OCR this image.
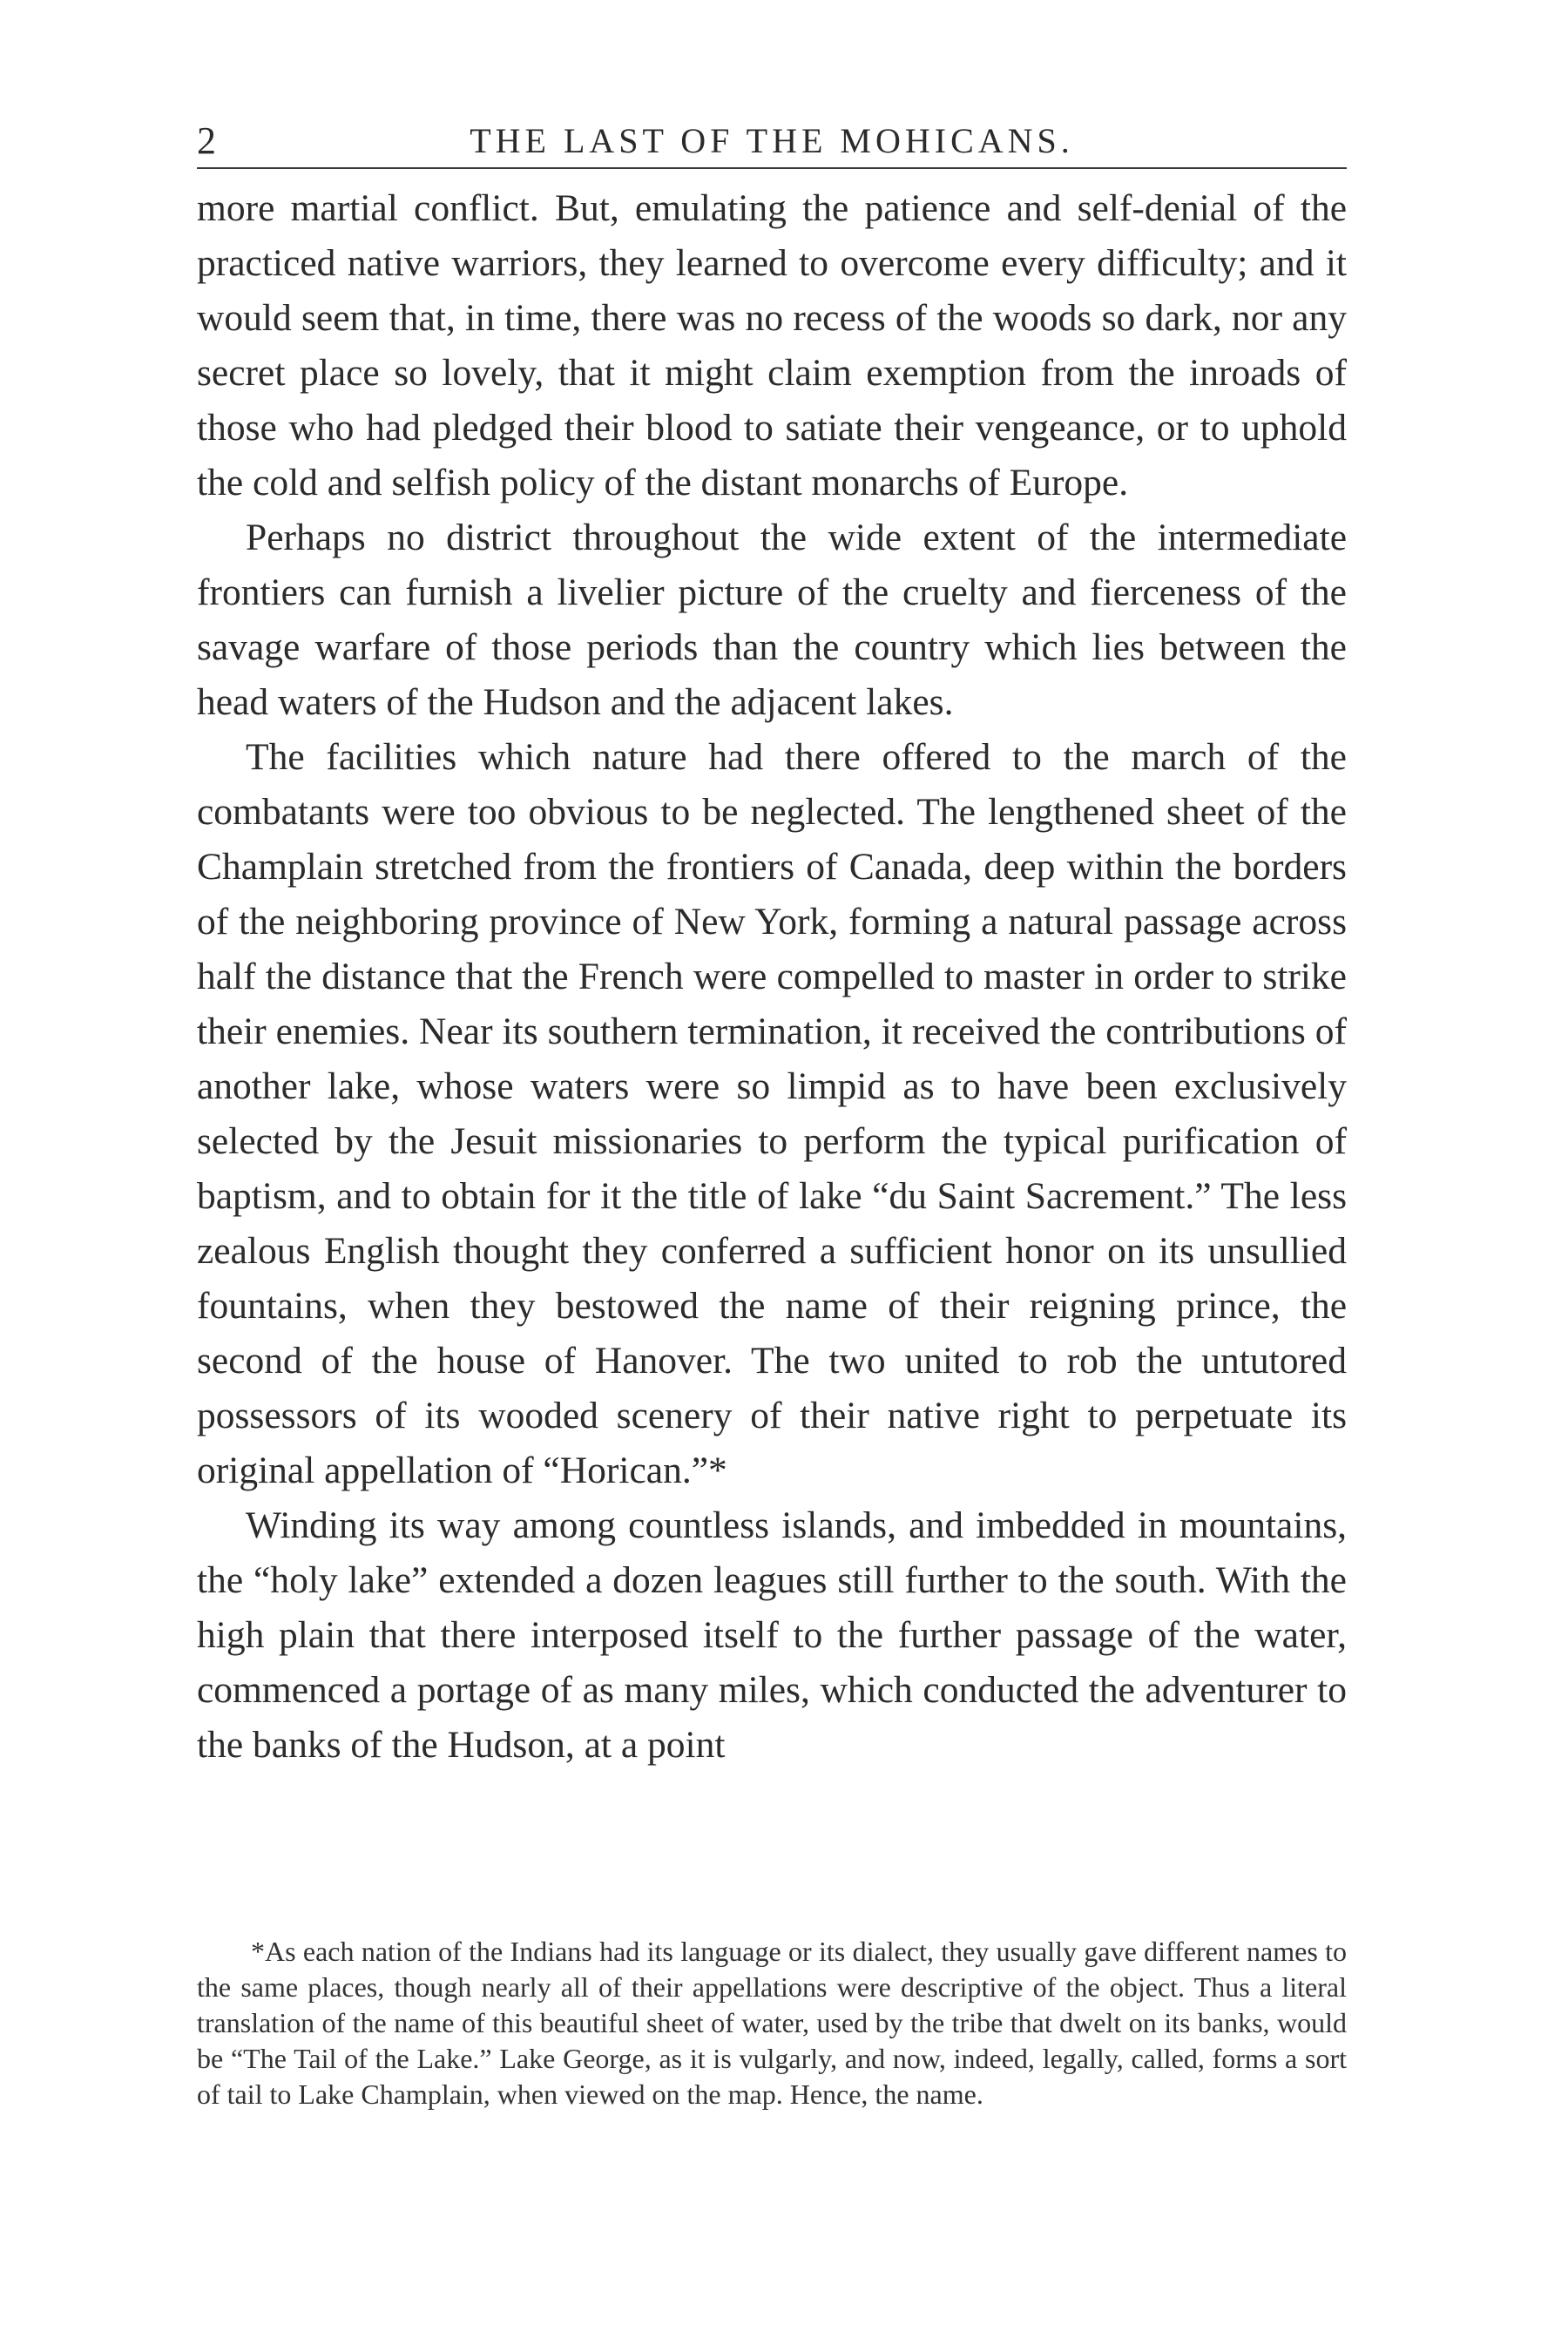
2	THE LAST OF THE MOHICANS.

more martial conflict. But, emulating the patience and self-denial of the practiced native warriors, they learned to overcome every difficulty; and it would seem that, in time, there was no recess of the woods so dark, nor any secret place so lovely, that it might claim exemption from the inroads of those who had pledged their blood to satiate their vengeance, or to uphold the cold and selfish policy of the distant monarchs of Europe.

Perhaps no district throughout the wide extent of the intermediate frontiers can furnish a livelier picture of the cruelty and fierceness of the savage warfare of those periods than the country which lies between the head waters of the Hudson and the adjacent lakes.

The facilities which nature had there offered to the march of the combatants were too obvious to be neglected. The lengthened sheet of the Champlain stretched from the frontiers of Canada, deep within the borders of the neighboring province of New York, forming a natural passage across half the distance that the French were compelled to master in order to strike their enemies. Near its southern termination, it received the contributions of another lake, whose waters were so limpid as to have been exclusively selected by the Jesuit missionaries to perform the typical purification of baptism, and to obtain for it the title of lake “du Saint Sacrement.” The less zealous English thought they conferred a sufficient honor on its unsullied fountains, when they bestowed the name of their reigning prince, the second of the house of Hanover. The two united to rob the untutored possessors of its wooded scenery of their native right to perpetuate its original appellation of “Horican.”*

Winding its way among countless islands, and imbedded in mountains, the “holy lake” extended a dozen leagues still further to the south. With the high plain that there interposed itself to the further passage of the water, commenced a portage of as many miles, which conducted the adventurer to the banks of the Hudson, at a point

*As each nation of the Indians had its language or its dialect, they usually gave different names to the same places, though nearly all of their appellations were descriptive of the object. Thus a literal translation of the name of this beautiful sheet of water, used by the tribe that dwelt on its banks, would be “The Tail of the Lake.” Lake George, as it is vulgarly, and now, indeed, legally, called, forms a sort of tail to Lake Champlain, when viewed on the map. Hence, the name.
